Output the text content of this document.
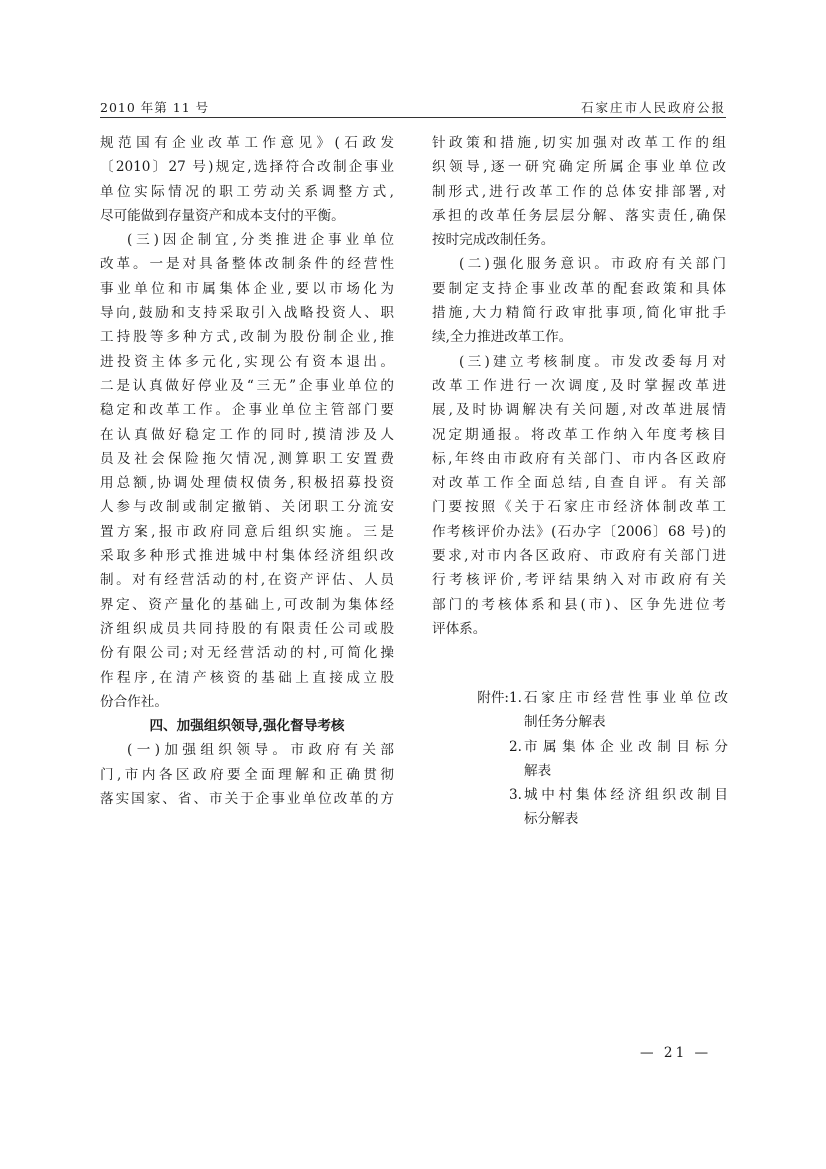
2010 年第 11 号	石家庄市人民政府公报
规范国有企业改革工作意见》(石政发
〔2010〕27 号)规定,选择符合改制企事业
单位实际情况的职工劳动关系调整方式,
尽可能做到存量资产和成本支付的平衡。
(三)因企制宜,分类推进企事业单位
改革。一是对具备整体改制条件的经营性
事业单位和市属集体企业,要以市场化为
导向,鼓励和支持采取引入战略投资人、职
工持股等多种方式,改制为股份制企业,推
进投资主体多元化,实现公有资本退出。
二是认真做好停业及“三无”企事业单位的
稳定和改革工作。企事业单位主管部门要
在认真做好稳定工作的同时,摸清涉及人
员及社会保险拖欠情况,测算职工安置费
用总额,协调处理债权债务,积极招募投资
人参与改制或制定撤销、关闭职工分流安
置方案,报市政府同意后组织实施。三是
采取多种形式推进城中村集体经济组织改
制。对有经营活动的村,在资产评估、人员
界定、资产量化的基础上,可改制为集体经
济组织成员共同持股的有限责任公司或股
份有限公司;对无经营活动的村,可简化操
作程序,在清产核资的基础上直接成立股
份合作社。
四、加强组织领导,强化督导考核
(一)加强组织领导。市政府有关部
门,市内各区政府要全面理解和正确贯彻
落实国家、省、市关于企事业单位改革的方
针政策和措施,切实加强对改革工作的组
织领导,逐一研究确定所属企事业单位改
制形式,进行改革工作的总体安排部署,对
承担的改革任务层层分解、落实责任,确保
按时完成改制任务。
(二)强化服务意识。市政府有关部门
要制定支持企事业改革的配套政策和具体
措施,大力精简行政审批事项,简化审批手
续,全力推进改革工作。
(三)建立考核制度。市发改委每月对
改革工作进行一次调度,及时掌握改革进
展,及时协调解决有关问题,对改革进展情
况定期通报。将改革工作纳入年度考核目
标,年终由市政府有关部门、市内各区政府
对改革工作全面总结,自查自评。有关部
门要按照《关于石家庄市经济体制改革工
作考核评价办法》(石办字〔2006〕68 号)的
要求,对市内各区政府、市政府有关部门进
行考核评价,考评结果纳入对市政府有关
部门的考核体系和县(市)、区争先进位考
评体系。
附件:1. 石家庄市经营性事业单位改
制任务分解表
2. 市属集体企业改制目标分
解表
3. 城中村集体经济组织改制目
标分解表
— 21 —
